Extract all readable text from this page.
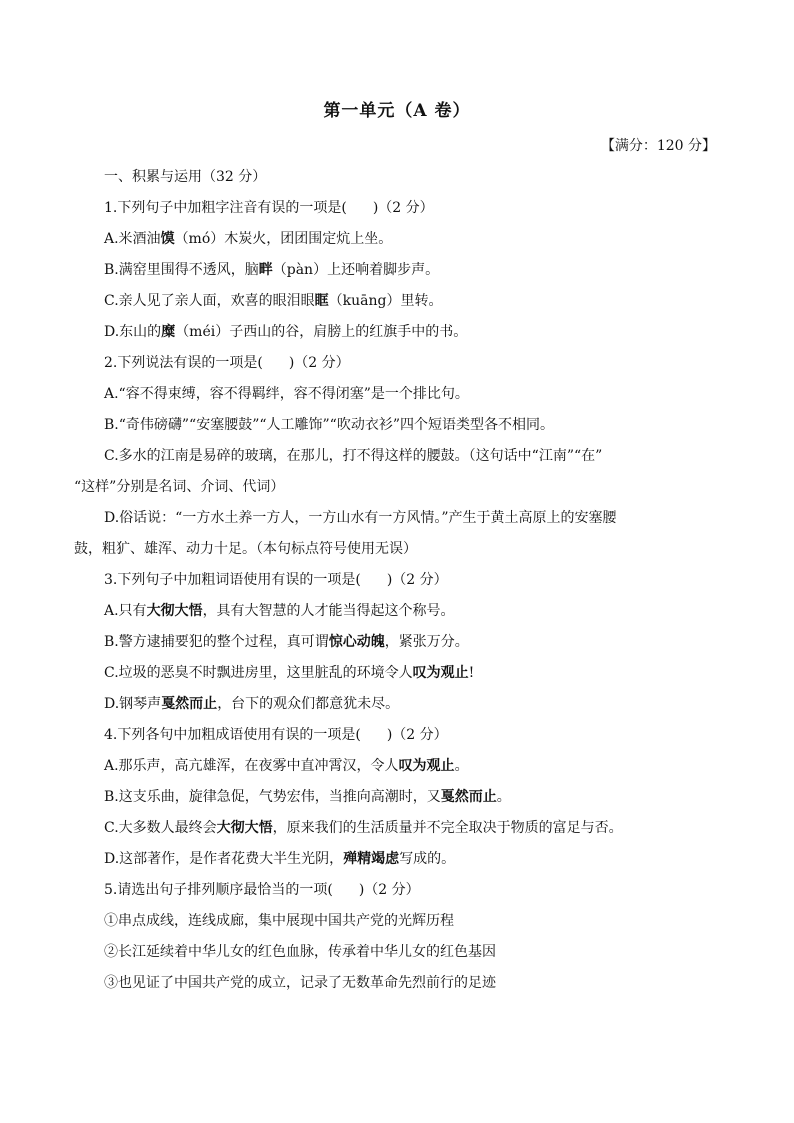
第一单元（A 卷）
【满分：120 分】
一、积累与运用（32 分）
1.下列句子中加粗字注音有误的一项是( )（2 分）
A.米酒油馍（mó）木炭火，团团围定炕上坐。
B.满窑里围得不透风，脑畔（pàn）上还响着脚步声。
C.亲人见了亲人面，欢喜的眼泪眼眶（kuāng）里转。
D.东山的糜（méi）子西山的谷，肩膀上的红旗手中的书。
2.下列说法有误的一项是( )（2 分）
A.“容不得束缚，容不得羁绊，容不得闭塞”是一个排比句。
B.“奇伟磅礴”“安塞腰鼓”“人工雕饰”“吹动衣衫”四个短语类型各不相同。
C.多水的江南是易碎的玻璃，在那儿，打不得这样的腰鼓。（这句话中“江南”“在”
“这样”分别是名词、介词、代词）
D.俗话说：“一方水土养一方人，一方山水有一方风情。”产生于黄土高原上的安塞腰
鼓，粗犷、雄浑、动力十足。（本句标点符号使用无误）
3.下列句子中加粗词语使用有误的一项是( )（2 分）
A.只有大彻大悟，具有大智慧的人才能当得起这个称号。
B.警方逮捕要犯的整个过程，真可谓惊心动魄，紧张万分。
C.垃圾的恶臭不时飘进房里，这里脏乱的环境令人叹为观止!
D.钢琴声戛然而止，台下的观众们都意犹未尽。
4.下列各句中加粗成语使用有误的一项是( )（2 分）
A.那乐声，高亢雄浑，在夜雾中直冲霄汉，令人叹为观止。
B.这支乐曲，旋律急促，气势宏伟，当推向高潮时，又戛然而止。
C.大多数人最终会大彻大悟，原来我们的生活质量并不完全取决于物质的富足与否。
D.这部著作，是作者花费大半生光阴，殚精竭虑写成的。
5.请选出句子排列顺序最恰当的一项( )（2 分）
①串点成线，连线成廊，集中展现中国共产党的光辉历程
②长江延续着中华儿女的红色血脉，传承着中华儿女的红色基因
③也见证了中国共产党的成立，记录了无数革命先烈前行的足迹
